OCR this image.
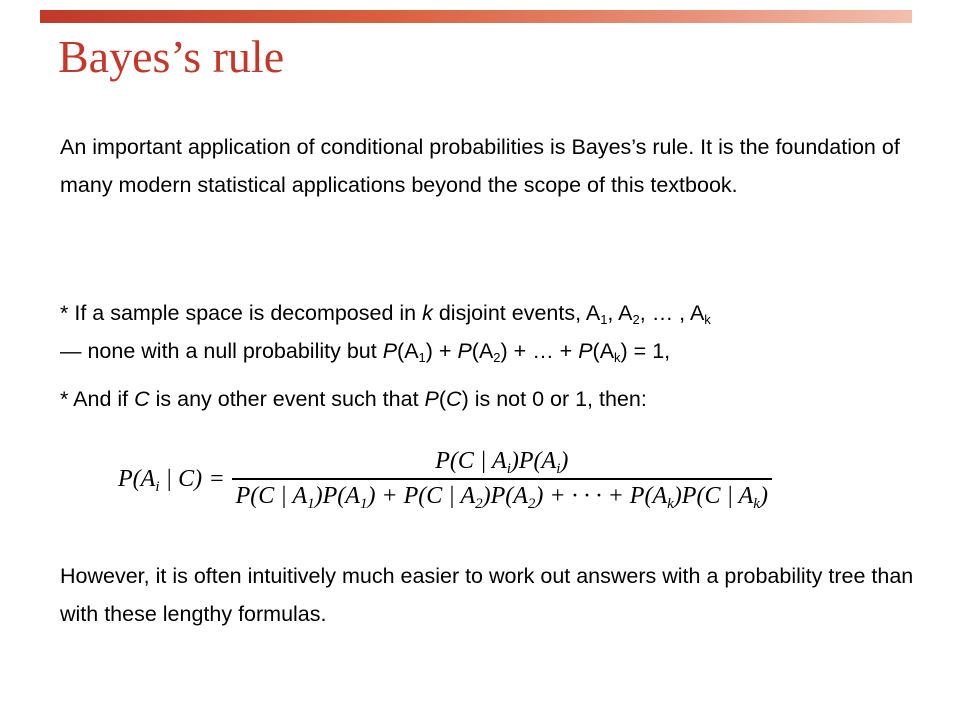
Bayes’s rule
An important application of conditional probabilities is Bayes’s rule. It is the foundation of many modern statistical applications beyond the scope of this textbook.
* If a sample space is decomposed in k disjoint events, $A_1$, $A_2$, … , $A_k$
— none with a null probability but $P(A_1) + P(A_2)$ + … + $P(A_k) = 1$,
* And if C is any other event such that P(C) is not 0 or 1, then:
$P(A_i$ | $C) = \frac{P(C | A_i)P(A_i)}{P(C | A_1)P(A_1) + P(C | A_2)P(A_2) + \cdot \cdot \cdot + P(A_k)P(C | A_k)}$
However, it is often intuitively much easier to work out answers with a probability tree than with these lengthy formulas.
